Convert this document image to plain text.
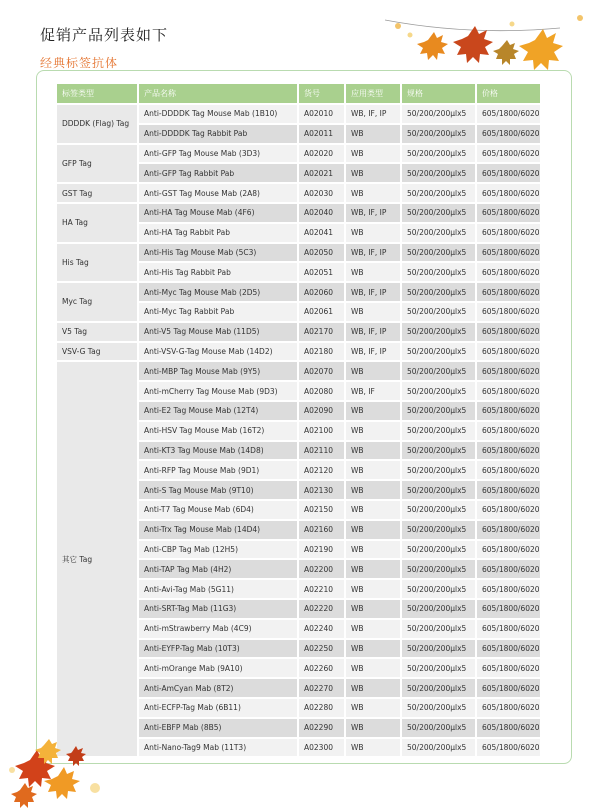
促销产品列表如下
经典标签抗体
标签类型	产品名称	货号	应用类型	规格	价格
DDDDK (Flag) Tag	Anti-DDDDK Tag Mouse Mab (1B10)	A02010	WB, IF, IP	50/200/200μlx5	605/1800/6020
	Anti-DDDDK Tag Rabbit Pab	A02011	WB	50/200/200μlx5	605/1800/6020
GFP Tag	Anti-GFP Tag Mouse Mab (3D3)	A02020	WB	50/200/200μlx5	605/1800/6020
	Anti-GFP Tag Rabbit Pab	A02021	WB	50/200/200μlx5	605/1800/6020
GST Tag	Anti-GST Tag Mouse Mab (2A8)	A02030	WB	50/200/200μlx5	605/1800/6020
HA Tag	Anti-HA Tag Mouse Mab (4F6)	A02040	WB, IF, IP	50/200/200μlx5	605/1800/6020
	Anti-HA Tag Rabbit Pab	A02041	WB	50/200/200μlx5	605/1800/6020
His Tag	Anti-His Tag Mouse Mab (5C3)	A02050	WB, IF, IP	50/200/200μlx5	605/1800/6020
	Anti-His Tag Rabbit Pab	A02051	WB	50/200/200μlx5	605/1800/6020
Myc Tag	Anti-Myc Tag Mouse Mab (2D5)	A02060	WB, IF, IP	50/200/200μlx5	605/1800/6020
	Anti-Myc Tag Rabbit Pab	A02061	WB	50/200/200μlx5	605/1800/6020
V5 Tag	Anti-V5 Tag Mouse Mab (11D5)	A02170	WB, IF, IP	50/200/200μlx5	605/1800/6020
VSV-G Tag	Anti-VSV-G-Tag Mouse Mab (14D2)	A02180	WB, IF, IP	50/200/200μlx5	605/1800/6020
其它 Tag	Anti-MBP Tag Mouse Mab (9Y5)	A02070	WB	50/200/200μlx5	605/1800/6020
	Anti-mCherry Tag Mouse Mab (9D3)	A02080	WB, IF	50/200/200μlx5	605/1800/6020
	Anti-E2 Tag Mouse Mab (12T4)	A02090	WB	50/200/200μlx5	605/1800/6020
	Anti-HSV Tag Mouse Mab (16T2)	A02100	WB	50/200/200μlx5	605/1800/6020
	Anti-KT3 Tag Mouse Mab (14D8)	A02110	WB	50/200/200μlx5	605/1800/6020
	Anti-RFP Tag Mouse Mab (9D1)	A02120	WB	50/200/200μlx5	605/1800/6020
	Anti-S Tag Mouse Mab (9T10)	A02130	WB	50/200/200μlx5	605/1800/6020
	Anti-T7 Tag Mouse Mab (6D4)	A02150	WB	50/200/200μlx5	605/1800/6020
	Anti-Trx Tag Mouse Mab (14D4)	A02160	WB	50/200/200μlx5	605/1800/6020
	Anti-CBP Tag Mab (12H5)	A02190	WB	50/200/200μlx5	605/1800/6020
	Anti-TAP Tag Mab (4H2)	A02200	WB	50/200/200μlx5	605/1800/6020
	Anti-Avi-Tag Mab (5G11)	A02210	WB	50/200/200μlx5	605/1800/6020
	Anti-SRT-Tag Mab (11G3)	A02220	WB	50/200/200μlx5	605/1800/6020
	Anti-mStrawberry Mab (4C9)	A02240	WB	50/200/200μlx5	605/1800/6020
	Anti-EYFP-Tag Mab (10T3)	A02250	WB	50/200/200μlx5	605/1800/6020
	Anti-mOrange Mab (9A10)	A02260	WB	50/200/200μlx5	605/1800/6020
	Anti-AmCyan Mab (8T2)	A02270	WB	50/200/200μlx5	605/1800/6020
	Anti-ECFP-Tag Mab (6B11)	A02280	WB	50/200/200μlx5	605/1800/6020
	Anti-EBFP Mab (8B5)	A02290	WB	50/200/200μlx5	605/1800/6020
	Anti-Nano-Tag9 Mab (11T3)	A02300	WB	50/200/200μlx5	605/1800/6020
